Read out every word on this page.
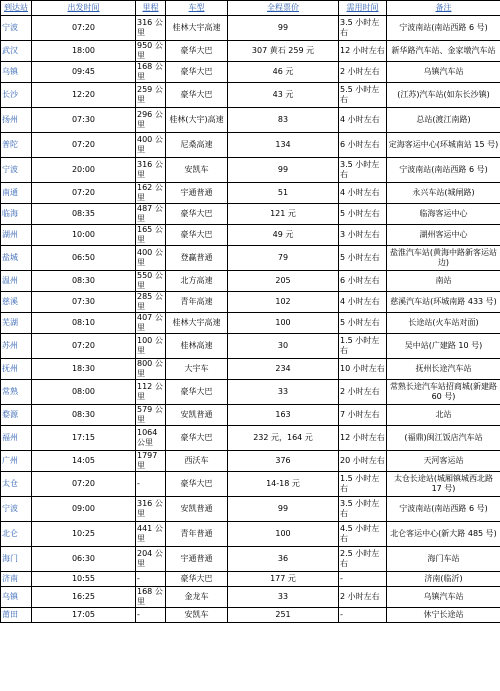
到达站	出发时间	里程	车型	全程票价	需用时间	备注
宁波	07:20	316 公里	桂林大宇高速	99	3.5 小时左右	宁波南站(南站西路 6 号)
武汉	18:00	950 公里	豪华大巴	307 黄石 259 元	12 小时左右	新华路汽车站、金家墩汽车站
乌镇	09:45	168 公里	豪华大巴	46 元	2 小时左右	乌镇汽车站
长沙	12:20	259 公里	豪华大巴	43 元	5.5 小时左右	(江苏)汽车站(如东长沙镇)
扬州	07:30	296 公里	桂林(大宇)高速	83	4 小时左右	总站(渡江南路)
普陀	07:20	400 公里	尼桑高速	134	6 小时左右	定海客运中心(环城南站 15 号)
宁波	20:00	316 公里	安凯车	99	3.5 小时左右	宁波南站(南站西路 6 号)
南通	07:20	162 公里	宇通普通	51	4 小时左右	永兴车站(城闸路)
临海	08:35	487 公里	豪华大巴	121 元	5 小时左右	临海客运中心
湖州	10:00	165 公里	豪华大巴	49 元	3 小时左右	湖州客运中心
盐城	06:50	400 公里	登赢普通	79	5 小时左右	盐淮汽车站(黄海中路新客运站边)
温州	08:30	550 公里	北方高速	205	6 小时左右	南站
慈溪	07:30	285 公里	青年高速	102	4 小时左右	慈溪汽车站(环城南路 433 号)
芜湖	08:10	407 公里	桂林大宇高速	100	5 小时左右	长途站(火车站对面)
苏州	07:20	100 公里	桂林高速	30	1.5 小时左右	吴中站(广建路 10 号)
抚州	18:30	800 公里	大宇车	234	10 小时左右	抚州长途汽车站
常熟	08:00	112 公里	豪华大巴	33	2 小时左右	常熟长途汽车站招商城(新建路 60 号)
婺源	08:30	579 公里	安凯普通	163	7 小时左右	北站
福州	17:15	1064 公里	豪华大巴	232 元，164 元	12 小时左右	(福鼎)闽江饭店汽车站
广州	14:05	1797 里	西沃车	376	20 小时左右	天河客运站
太仓	07:20	-	豪华大巴	14-18 元	1.5 小时左右	太仓长途站(城厢镇城西北路 17 号)
宁波	09:00	316 公里	安凯普通	99	3.5 小时左右	宁波南站(南站西路 6 号)
北仑	10:25	441 公里	青年普通	100	4.5 小时左右	北仑客运中心(新大路 485 号)
海门	06:30	204 公里	宇通普通	36	2.5 小时左右	海门车站
济南	10:55	-	豪华大巴	177 元	-	济南(临沂)
乌镇	16:25	168 公里	金龙车	33	2 小时左右	乌镇汽车站
莆田	17:05	-	安凯车	251	-	休宁长途站
